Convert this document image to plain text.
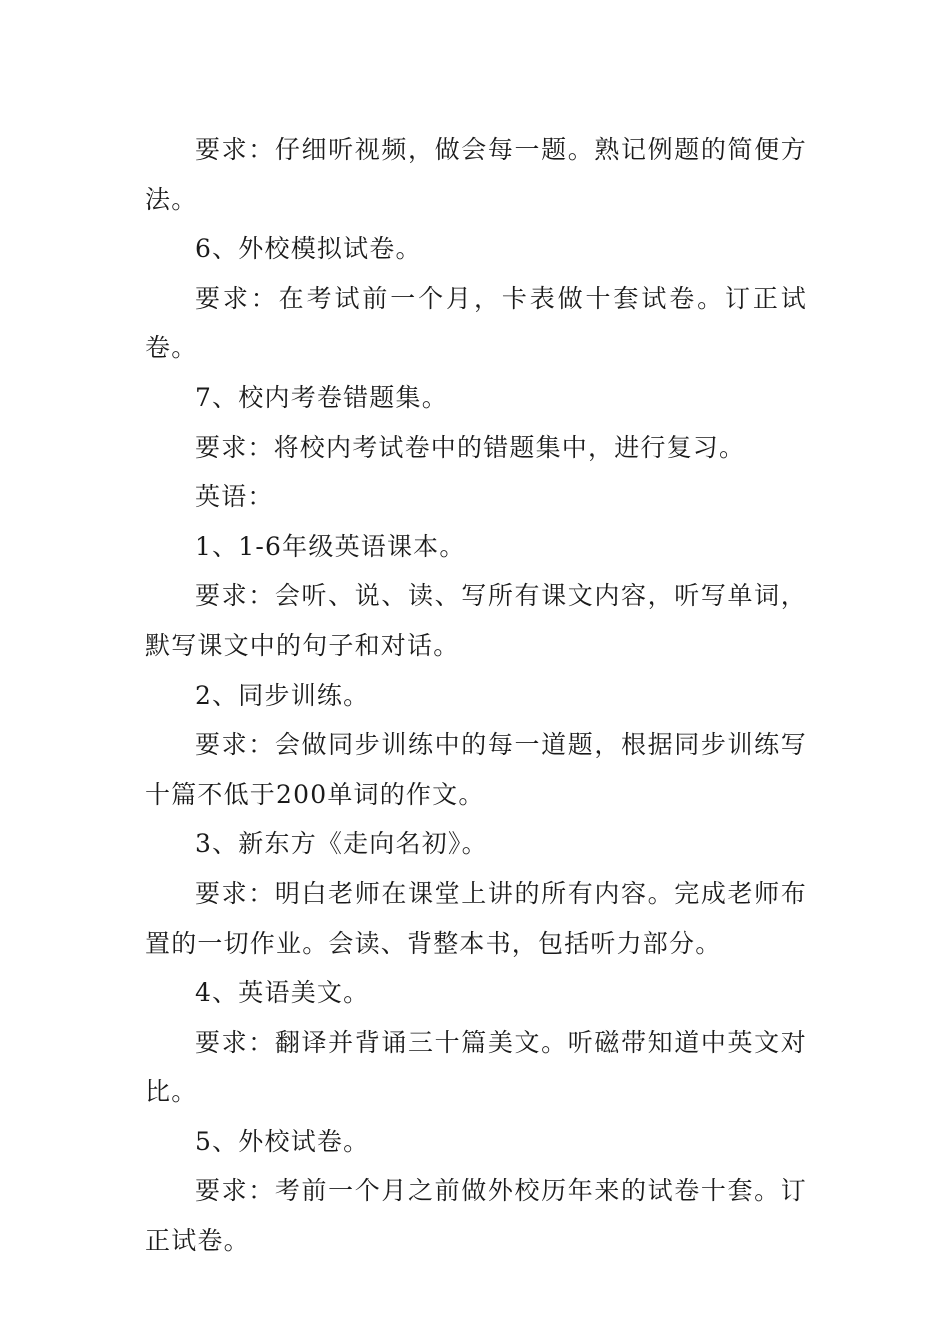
要求：仔细听视频，做会每一题。熟记例题的简便方法。

6、外校模拟试卷。

要求：在考试前一个月，卡表做十套试卷。订正试卷。

7、校内考卷错题集。

要求：将校内考试卷中的错题集中，进行复习。

英语：

1、1-6年级英语课本。

要求：会听、说、读、写所有课文内容，听写单词，默写课文中的句子和对话。

2、同步训练。

要求：会做同步训练中的每一道题，根据同步训练写十篇不低于200单词的作文。

3、新东方《走向名初》。

要求：明白老师在课堂上讲的所有内容。完成老师布置的一切作业。会读、背整本书，包括听力部分。

4、英语美文。

要求：翻译并背诵三十篇美文。听磁带知道中英文对比。

5、外校试卷。

要求：考前一个月之前做外校历年来的试卷十套。订正试卷。
